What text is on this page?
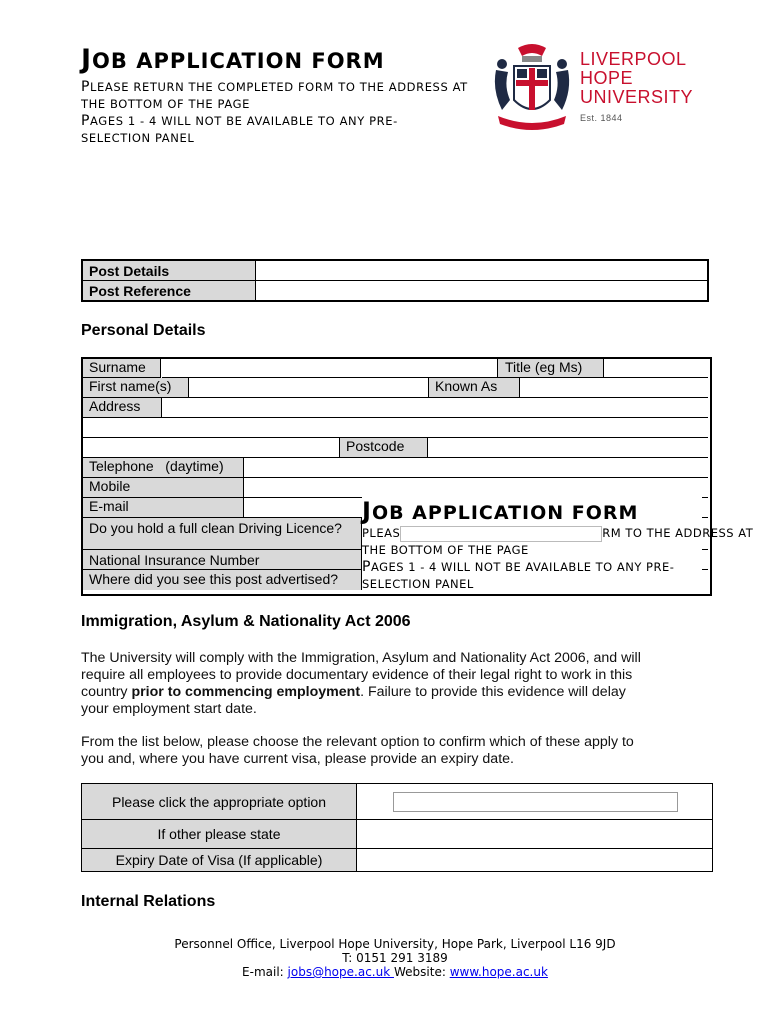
JOB APPLICATION FORM
PLEASE RETURN THE COMPLETED FORM TO THE ADDRESS AT
THE BOTTOM OF THE PAGE
PAGES 1 - 4 WILL NOT BE AVAILABLE TO ANY PRE-
SELECTION PANEL
LIVERPOOL
HOPE
UNIVERSITY
Est. 1844
Post Details	
Post Reference	
Personal Details
Surname	Title (eg Ms)
First name(s)	Known As
Address
Postcode
Telephone   (daytime)
Mobile
E-mail
Do you hold a full clean Driving Licence?
National Insurance Number
Where did you see this post advertised?
JOB APPLICATION FORM
PLEAS	RM TO THE ADDRESS AT
THE BOTTOM OF THE PAGE
PAGES 1 - 4 WILL NOT BE AVAILABLE TO ANY PRE-
SELECTION PANEL
Immigration, Asylum & Nationality Act 2006
The University will comply with the Immigration, Asylum and Nationality Act 2006, and will
require all employees to provide documentary evidence of their legal right to work in this
country prior to commencing employment. Failure to provide this evidence will delay
your employment start date.
From the list below, please choose the relevant option to confirm which of these apply to
you and, where you have current visa, please provide an expiry date.
Please click the appropriate option	

If other please state	
Expiry Date of Visa (If applicable)	
Internal Relations
Personnel Office, Liverpool Hope University, Hope Park, Liverpool L16 9JD
T: 0151 291 3189
E-mail: jobs@hope.ac.uk Website: www.hope.ac.uk
